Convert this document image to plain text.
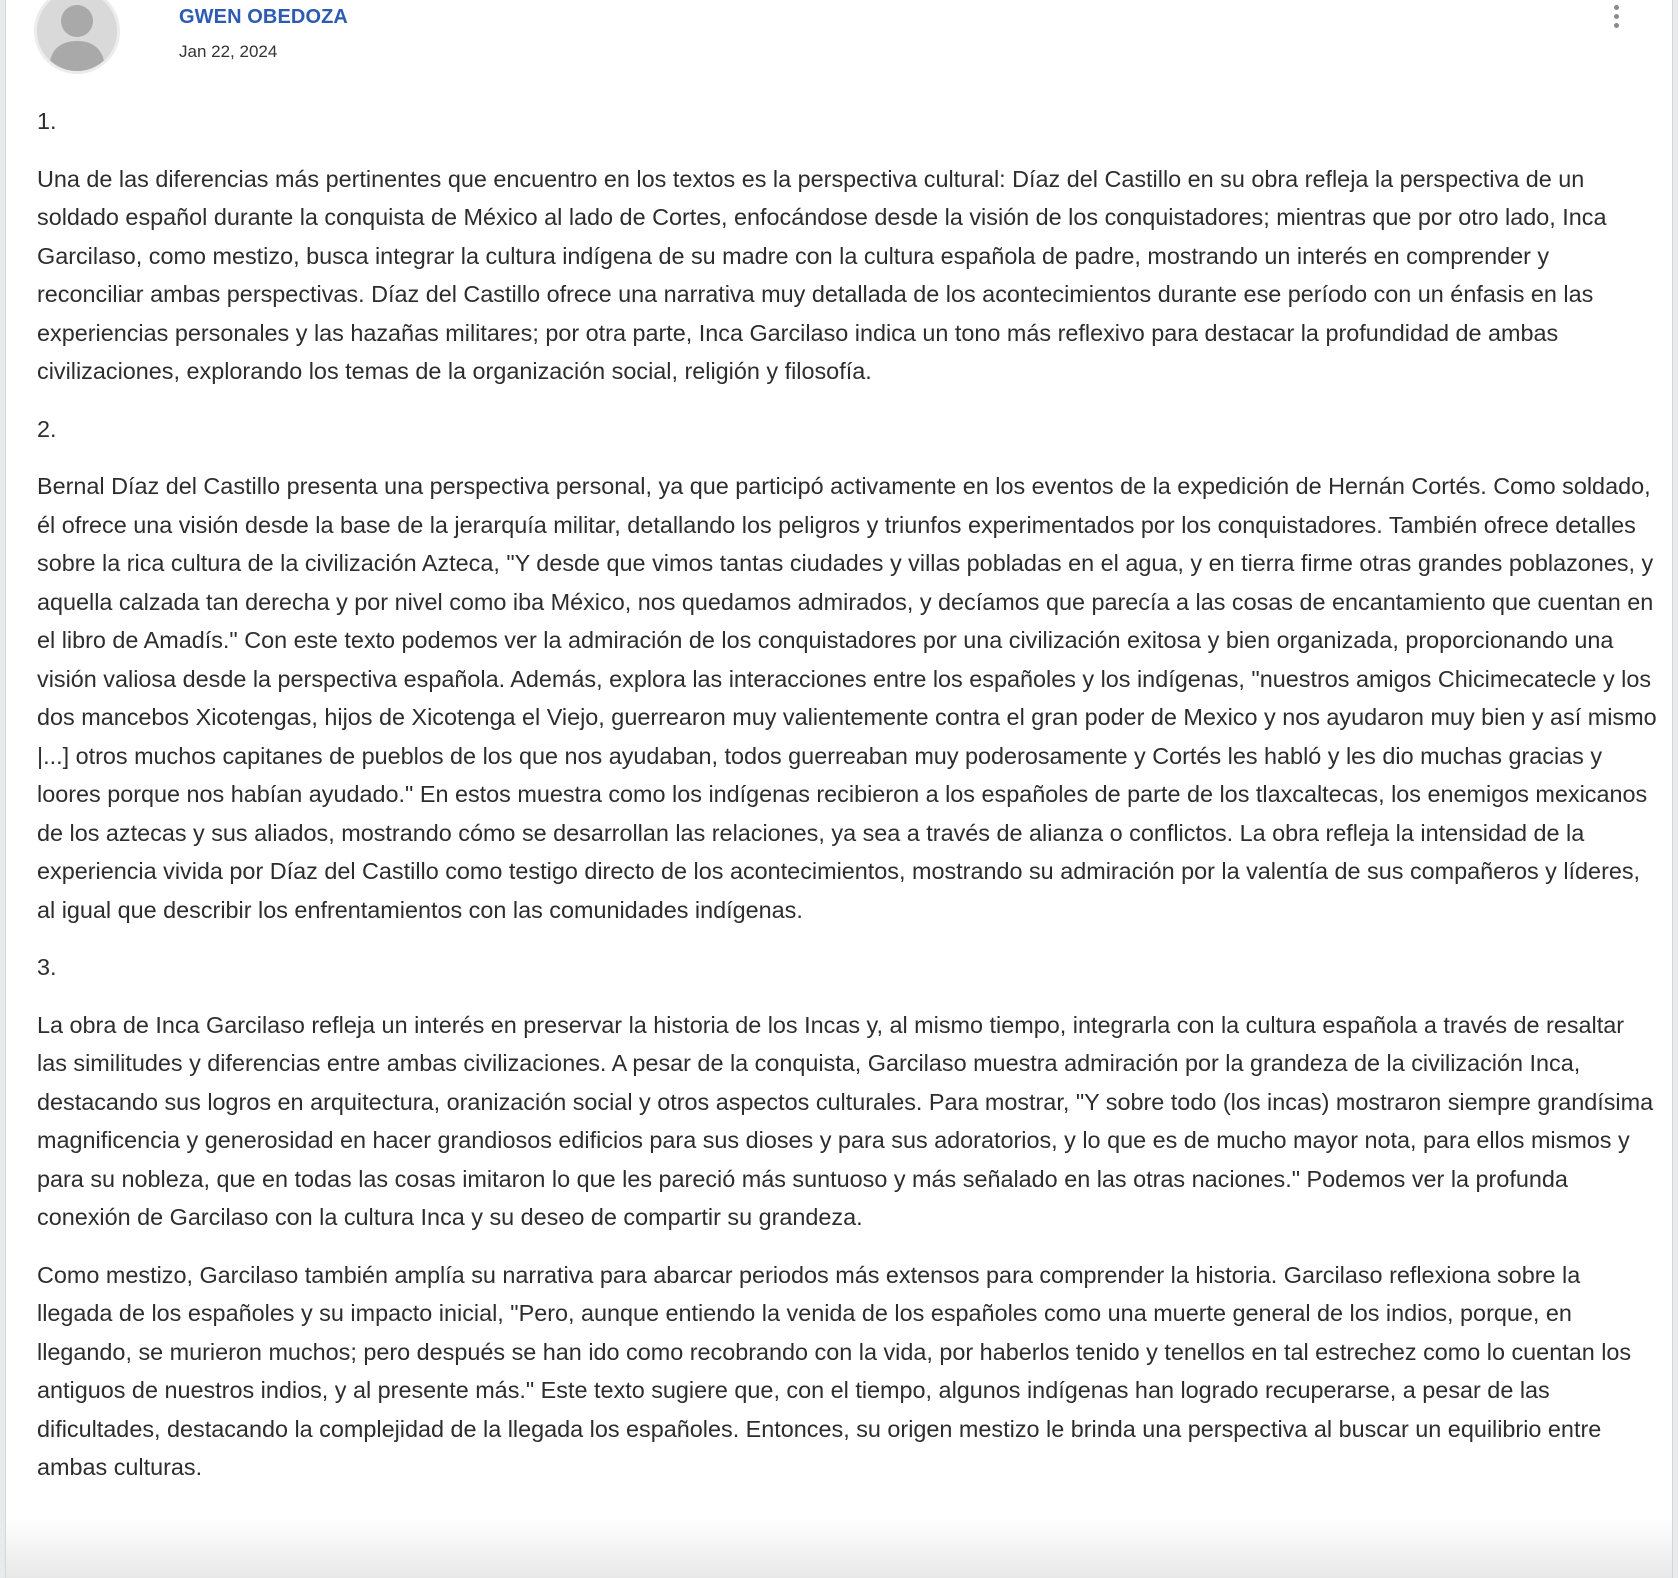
GWEN OBEDOZA
Jan 22, 2024

1.

Una de las diferencias más pertinentes que encuentro en los textos es la perspectiva cultural: Díaz del Castillo en su obra refleja la perspectiva de un soldado español durante la conquista de México al lado de Cortes, enfocándose desde la visión de los conquistadores; mientras que por otro lado, Inca Garcilaso, como mestizo, busca integrar la cultura indígena de su madre con la cultura española de padre, mostrando un interés en comprender y reconciliar ambas perspectivas. Díaz del Castillo ofrece una narrativa muy detallada de los acontecimientos durante ese período con un énfasis en las experiencias personales y las hazañas militares; por otra parte, Inca Garcilaso indica un tono más reflexivo para destacar la profundidad de ambas civilizaciones, explorando los temas de la organización social, religión y filosofía.

2.

Bernal Díaz del Castillo presenta una perspectiva personal, ya que participó activamente en los eventos de la expedición de Hernán Cortés. Como soldado, él ofrece una visión desde la base de la jerarquía militar, detallando los peligros y triunfos experimentados por los conquistadores. También ofrece detalles sobre la rica cultura de la civilización Azteca, "Y desde que vimos tantas ciudades y villas pobladas en el agua, y en tierra firme otras grandes poblazones, y aquella calzada tan derecha y por nivel como iba México, nos quedamos admirados, y decíamos que parecía a las cosas de encantamiento que cuentan en el libro de Amadís." Con este texto podemos ver la admiración de los conquistadores por una civilización exitosa y bien organizada, proporcionando una visión valiosa desde la perspectiva española. Además, explora las interacciones entre los españoles y los indígenas, "nuestros amigos Chicimecatecle y los dos mancebos Xicotengas, hijos de Xicotenga el Viejo, guerrearon muy valientemente contra el gran poder de Mexico y nos ayudaron muy bien y así mismo |...] otros muchos capitanes de pueblos de los que nos ayudaban, todos guerreaban muy poderosamente y Cortés les habló y les dio muchas gracias y loores porque nos habían ayudado." En estos muestra como los indígenas recibieron a los españoles de parte de los tlaxcaltecas, los enemigos mexicanos de los aztecas y sus aliados, mostrando cómo se desarrollan las relaciones, ya sea a través de alianza o conflictos. La obra refleja la intensidad de la experiencia vivida por Díaz del Castillo como testigo directo de los acontecimientos, mostrando su admiración por la valentía de sus compañeros y líderes, al igual que describir los enfrentamientos con las comunidades indígenas.

3.

La obra de Inca Garcilaso refleja un interés en preservar la historia de los Incas y, al mismo tiempo, integrarla con la cultura española a través de resaltar las similitudes y diferencias entre ambas civilizaciones. A pesar de la conquista, Garcilaso muestra admiración por la grandeza de la civilización Inca, destacando sus logros en arquitectura, oranización social y otros aspectos culturales. Para mostrar, "Y sobre todo (los incas) mostraron siempre grandísima magnificencia y generosidad en hacer grandiosos edificios para sus dioses y para sus adoratorios, y lo que es de mucho mayor nota, para ellos mismos y para su nobleza, que en todas las cosas imitaron lo que les pareció más suntuoso y más señalado en las otras naciones." Podemos ver la profunda conexión de Garcilaso con la cultura Inca y su deseo de compartir su grandeza.

Como mestizo, Garcilaso también amplía su narrativa para abarcar periodos más extensos para comprender la historia. Garcilaso reflexiona sobre la llegada de los españoles y su impacto inicial, "Pero, aunque entiendo la venida de los españoles como una muerte general de los indios, porque, en llegando, se murieron muchos; pero después se han ido como recobrando con la vida, por haberlos tenido y tenellos en tal estrechez como lo cuentan los antiguos de nuestros indios, y al presente más." Este texto sugiere que, con el tiempo, algunos indígenas han logrado recuperarse, a pesar de las dificultades, destacando la complejidad de la llegada los españoles. Entonces, su origen mestizo le brinda una perspectiva al buscar un equilibrio entre ambas culturas.
